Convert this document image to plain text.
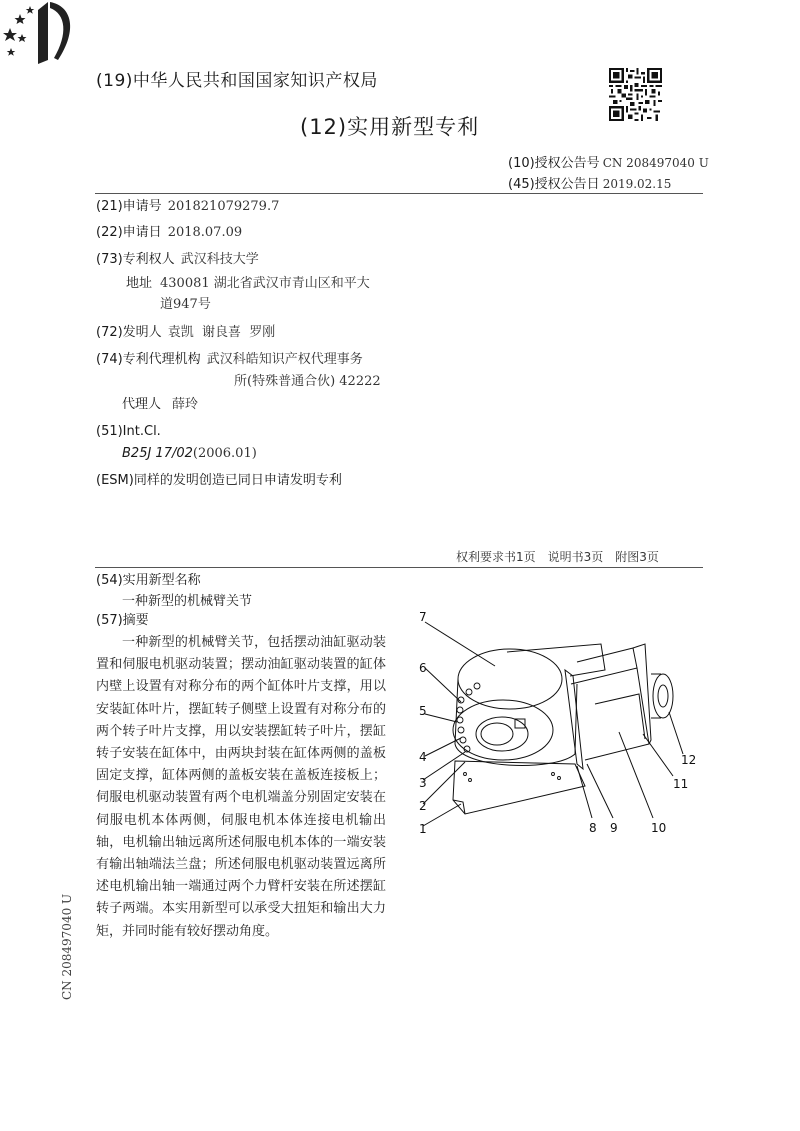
(19)中华人民共和国国家知识产权局
(12)实用新型专利
(10)授权公告号 CN 208497040 U
(45)授权公告日 2019.02.15
(21)申请号 201821079279.7
(22)申请日 2018.07.09
(73)专利权人 武汉科技大学
地址 430081 湖北省武汉市青山区和平大
道947号
(72)发明人 袁凯  谢良喜  罗刚
(74)专利代理机构 武汉科皓知识产权代理事务
所(特殊普通合伙) 42222
代理人 薛玲
(51)Int.Cl.
B25J 17/02(2006.01)
(ESM)同样的发明创造已同日申请发明专利
权利要求书1页 说明书3页 附图3页
(54)实用新型名称
一种新型的机械臂关节
(57)摘要
一种新型的机械臂关节，包括摆动油缸驱动装置和伺服电机驱动装置；摆动油缸驱动装置的缸体内壁上设置有对称分布的两个缸体叶片支撑，用以安装缸体叶片，摆缸转子侧壁上设置有对称分布的两个转子叶片支撑，用以安装摆缸转子叶片，摆缸转子安装在缸体中，由两块封装在缸体两侧的盖板固定支撑，缸体两侧的盖板安装在盖板连接板上；伺服电机驱动装置有两个电机端盖分别固定安装在伺服电机本体两侧，伺服电机本体连接电机输出轴，电机输出轴远离所述伺服电机本体的一端安装有输出轴端法兰盘；所述伺服电机驱动装置远离所述电机输出轴一端通过两个力臂杆安装在所述摆缸转子两端。本实用新型可以承受大扭矩和输出大力矩，并同时能有较好摆动角度。
CN 208497040 U
7
6
5
4
3
2
1	8 9	10
11
12
